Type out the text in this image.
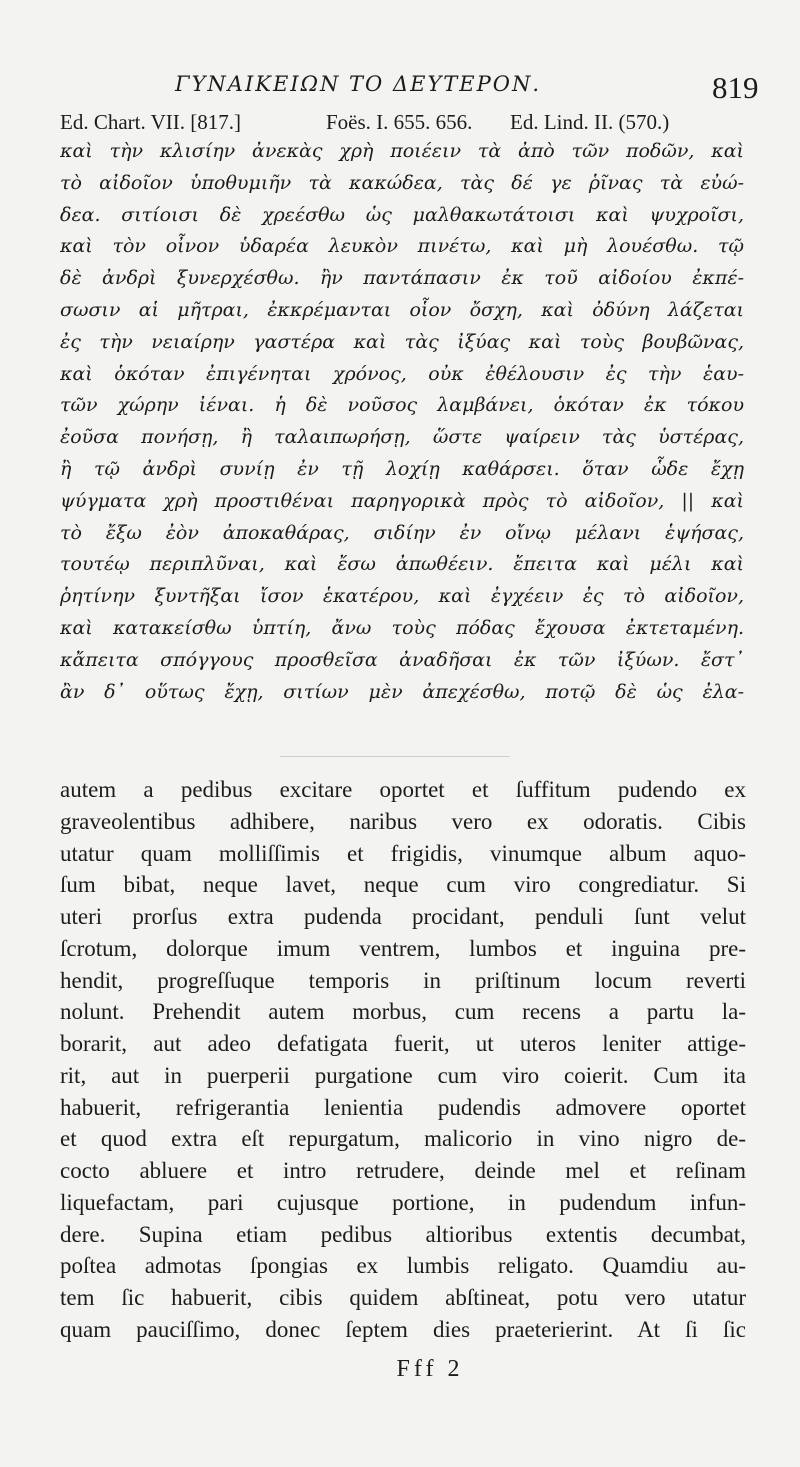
ΓΥΝΑΙΚΕΙΩΝ ΤΟ ΔΕΥΤΕΡΟΝ.	819
Ed. Chart. VII. [817.]	Foës. I. 655. 656. Ed. Lind. II. (570.)
καὶ τὴν κλισίην ἀνεκὰς χρὴ ποιέειν τὰ ἀπὸ τῶν ποδῶν, καὶ
τὸ αἰδοῖον ὑποθυμιῆν τὰ κακώδεα, τὰς δέ γε ῥῖνας τὰ εὐώ-
δεα. σιτίοισι δὲ χρεέσθω ὡς μαλθακωτάτοισι καὶ ψυχροῖσι,
καὶ τὸν οἶνον ὑδαρέα λευκὸν πινέτω, καὶ μὴ λουέσθω. τῷ
δὲ ἀνδρὶ ξυνερχέσθω. ἢν παντάπασιν ἐκ τοῦ αἰδοίου ἐκπέ-
σωσιν αἱ μῆτραι, ἐκκρέμανται οἷον ὄσχη, καὶ ὀδύνη λάζεται
ἐς τὴν νειαίρην γαστέρα καὶ τὰς ἰξύας καὶ τοὺς βουβῶνας,
καὶ ὁκόταν ἐπιγένηται χρόνος, οὐκ ἐθέλουσιν ἐς τὴν ἑαυ-
τῶν χώρην ἰέναι. ἡ δὲ νοῦσος λαμβάνει, ὁκόταν ἐκ τόκου
ἐοῦσα πονήσῃ, ἢ ταλαιπωρήσῃ, ὥστε ψαίρειν τὰς ὑστέρας,
ἢ τῷ ἀνδρὶ συνίῃ ἐν τῇ λοχίῃ καθάρσει. ὅταν ὧδε ἔχῃ
ψύγματα χρὴ προστιθέναι παρηγορικὰ πρὸς τὸ αἰδοῖον, || καὶ
τὸ ἔξω ἐὸν ἀποκαθάρας, σιδίην ἐν οἴνῳ μέλανι ἑψήσας,
τουτέῳ περιπλῦναι, καὶ ἔσω ἀπωθέειν. ἔπειτα καὶ μέλι καὶ
ῥητίνην ξυντῆξαι ἴσον ἑκατέρου, καὶ ἐγχέειν ἐς τὸ αἰδοῖον,
καὶ κατακείσθω ὑπτίη, ἄνω τοὺς πόδας ἔχουσα ἐκτεταμένη.
κἄπειτα σπόγγους προσθεῖσα ἀναδῆσαι ἐκ τῶν ἰξύων. ἔστ᾽
ἂν δ᾽ οὕτως ἔχῃ, σιτίων μὲν ἀπεχέσθω, ποτῷ δὲ ὡς ἐλα-
autem a pedibus excitare oportet et ſuffitum pudendo ex
graveolentibus adhibere, naribus vero ex odoratis. Cibis
utatur quam molliſſimis et frigidis, vinumque album aquo-
ſum bibat, neque lavet, neque cum viro congrediatur. Si
uteri prorſus extra pudenda procidant, penduli ſunt velut
ſcrotum, dolorque imum ventrem, lumbos et inguina pre-
hendit, progreſſuque temporis in priſtinum locum reverti
nolunt. Prehendit autem morbus, cum recens a partu la-
borarit, aut adeo defatigata fuerit, ut uteros leniter attige-
rit, aut in puerperii purgatione cum viro coierit. Cum ita
habuerit, refrigerantia lenientia pudendis admovere oportet
et quod extra eſt repurgatum, malicorio in vino nigro de-
cocto abluere et intro retrudere, deinde mel et reſinam
liquefactam, pari cujusque portione, in pudendum infun-
dere. Supina etiam pedibus altioribus extentis decumbat,
poſtea admotas ſpongias ex lumbis religato. Quamdiu au-
tem ſic habuerit, cibis quidem abſtineat, potu vero utatur
quam pauciſſimo, donec ſeptem dies praeterierint. At ſi ſic
Fff 2
